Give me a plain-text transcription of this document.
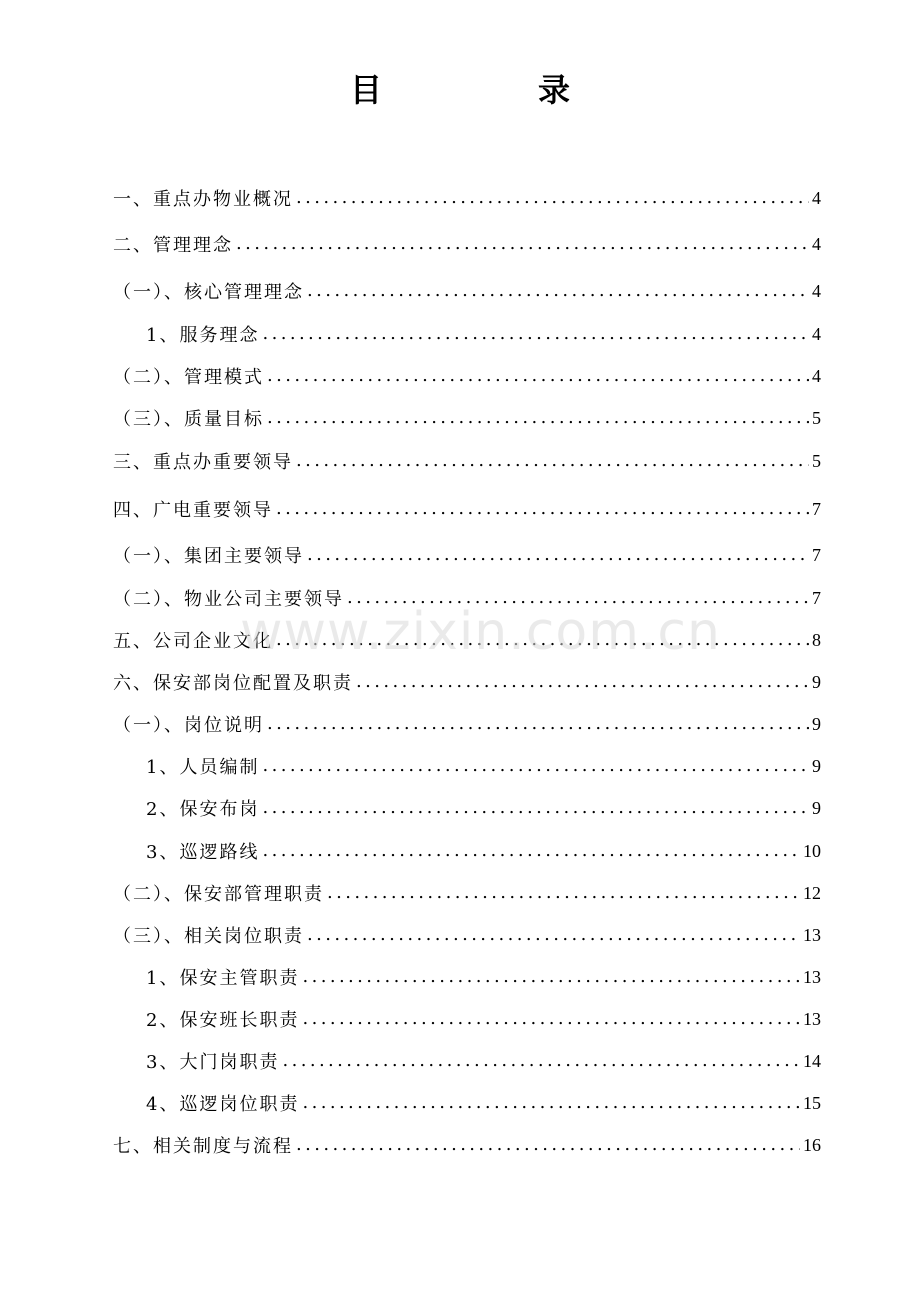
目　录
www.zixin.com.cn
一、重点办物业概况 .....	4
二、管理理念 .....	4
（一）、核心管理理念 .....	4
1、服务理念 .....	4
（二）、管理模式 .....	4
（三）、质量目标 .....	5
三、重点办重要领导 .....	5
四、广电重要领导 .....	7
（一）、集团主要领导 .....	7
（二）、物业公司主要领导 .....	7
五、公司企业文化 .....	8
六、保安部岗位配置及职责 .....	9
（一）、岗位说明 .....	9
1、人员编制 .....	9
2、保安布岗 .....	9
3、巡逻路线 .....	10
（二）、保安部管理职责 .....	12
（三）、相关岗位职责 .....	13
1、保安主管职责 .....	13
2、保安班长职责 .....	13
3、大门岗职责 .....	14
4、巡逻岗位职责 .....	15
七、相关制度与流程 .....	16
